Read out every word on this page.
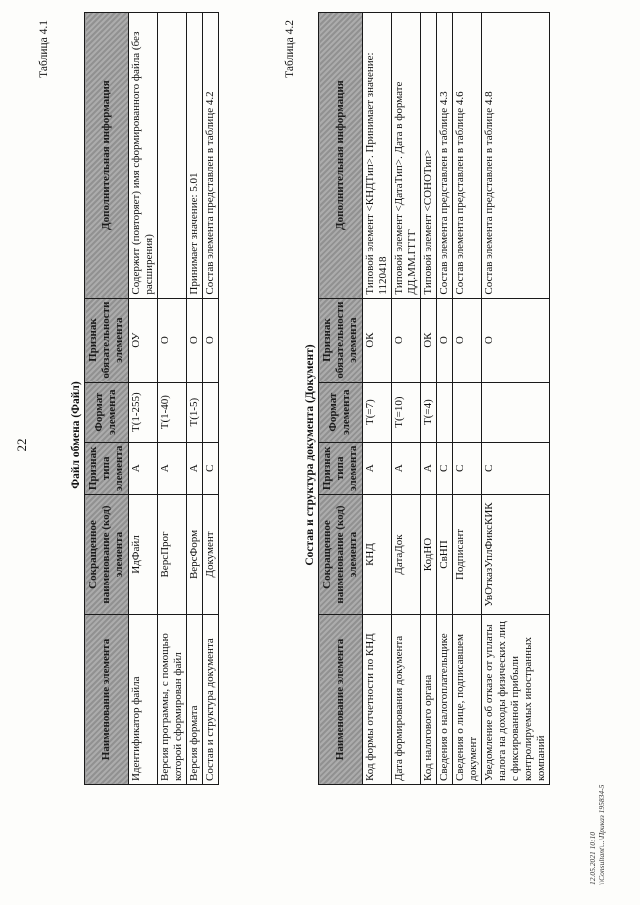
22
Таблица 4.1
Файл обмена (Файл)
Наименование элемента	Сокращенное наименование (код) элемента	Признак типа элемента	Формат элемента	Признак обязательности элемента	Дополнительная информация
Идентификатор файла	ИдФайл	А	T(1-255)	ОУ	Содержит (повторяет) имя сформированного файла (без расширения)
Версия программы, с помощью которой сформирован файл	ВерсПрог	А	T(1-40)	О	
Версия формата	ВерсФорм	А	T(1-5)	О	Принимает значение: 5.01
Состав и структура документа	Документ	С		О	Состав элемента представлен в таблице 4.2
Таблица 4.2
Состав и структура документа (Документ)
Наименование элемента	Сокращенное наименование (код) элемента	Признак типа элемента	Формат элемента	Признак обязательности элемента	Дополнительная информация
Код формы отчетности по КНД	КНД	А	T(=7)	ОК	Типовой элемент <КНДТип>. Принимает значение: 1120418
Дата формирования документа	ДатаДок	А	T(=10)	О	Типовой элемент <ДатаТип>. Дата в формате ДД.ММ.ГГГГ
Код налогового органа	КодНО	А	T(=4)	ОК	Типовой элемент <СОНОТип>
Сведения о налогоплательщике	СвНП	С		О	Состав элемента представлен в таблице 4.3
Сведения о лице, подписавшем документ	Подписант	С		О	Состав элемента представлен в таблице 4.6
Уведомление об отказе от уплаты налога на доходы физических лиц с фиксированной прибыли контролируемых иностранных компаний	УвОтказУплФиксКИК	С		О	Состав элемента представлен в таблице 4.8
12.05.2021 10:10 \\Consultant\...\Приказ 195834-5
